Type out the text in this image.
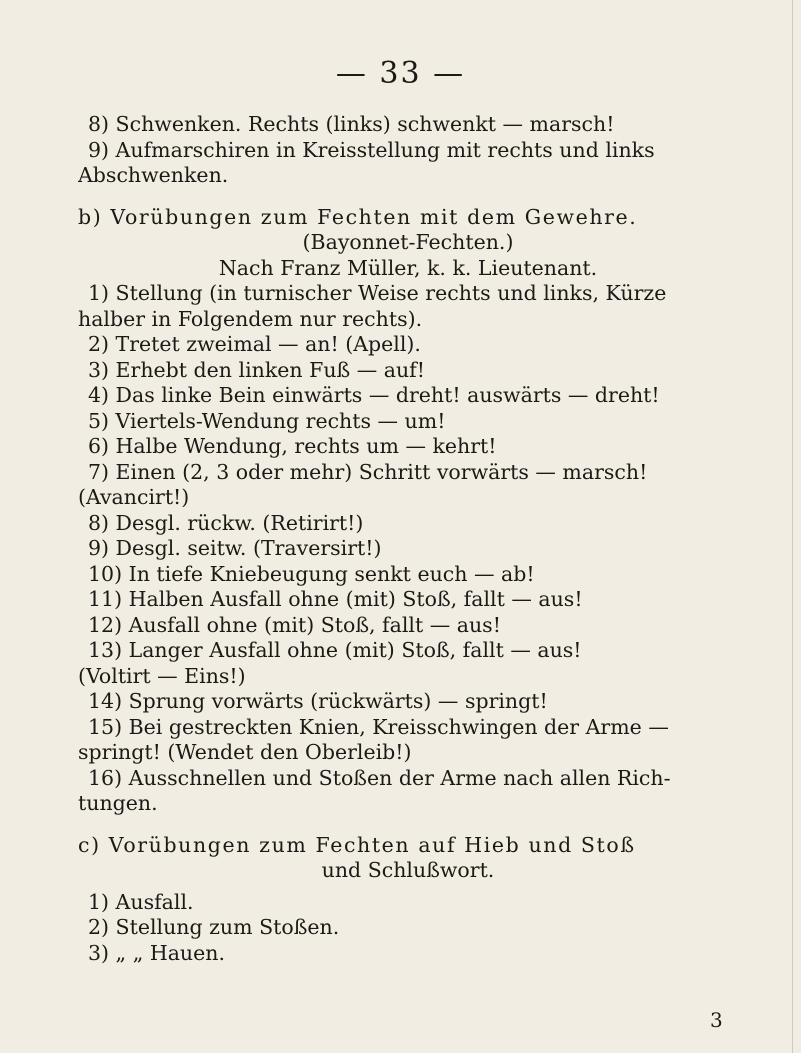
— 33 —
8) Schwenken. Rechts (links) schwenkt — marsch!
9) Aufmarschiren in Kreisstellung mit rechts und links
Abschwenken.
b) Vorübungen zum Fechten mit dem Gewehre.
(Bayonnet-Fechten.)
Nach Franz Müller, k. k. Lieutenant.
1) Stellung (in turnischer Weise rechts und links, Kürze
halber in Folgendem nur rechts).
2) Tretet zweimal — an! (Apell).
3) Erhebt den linken Fuß — auf!
4) Das linke Bein einwärts — dreht! auswärts — dreht!
5) Viertels-Wendung rechts — um!
6) Halbe Wendung, rechts um — kehrt!
7) Einen (2, 3 oder mehr) Schritt vorwärts — marsch!
(Avancirt!)
8) Desgl. rückw. (Retirirt!)
9) Desgl. seitw. (Traversirt!)
10) In tiefe Kniebeugung senkt euch — ab!
11) Halben Ausfall ohne (mit) Stoß, fallt — aus!
12) Ausfall ohne (mit) Stoß, fallt — aus!
13) Langer Ausfall ohne (mit) Stoß, fallt — aus!
(Voltirt — Eins!)
14) Sprung vorwärts (rückwärts) — springt!
15) Bei gestreckten Knien, Kreisschwingen der Arme —
springt! (Wendet den Oberleib!)
16) Ausschnellen und Stoßen der Arme nach allen Rich-
tungen.
c) Vorübungen zum Fechten auf Hieb und Stoß
und Schlußwort.
1) Ausfall.
2) Stellung zum Stoßen.
3) „ „ Hauen.
3
